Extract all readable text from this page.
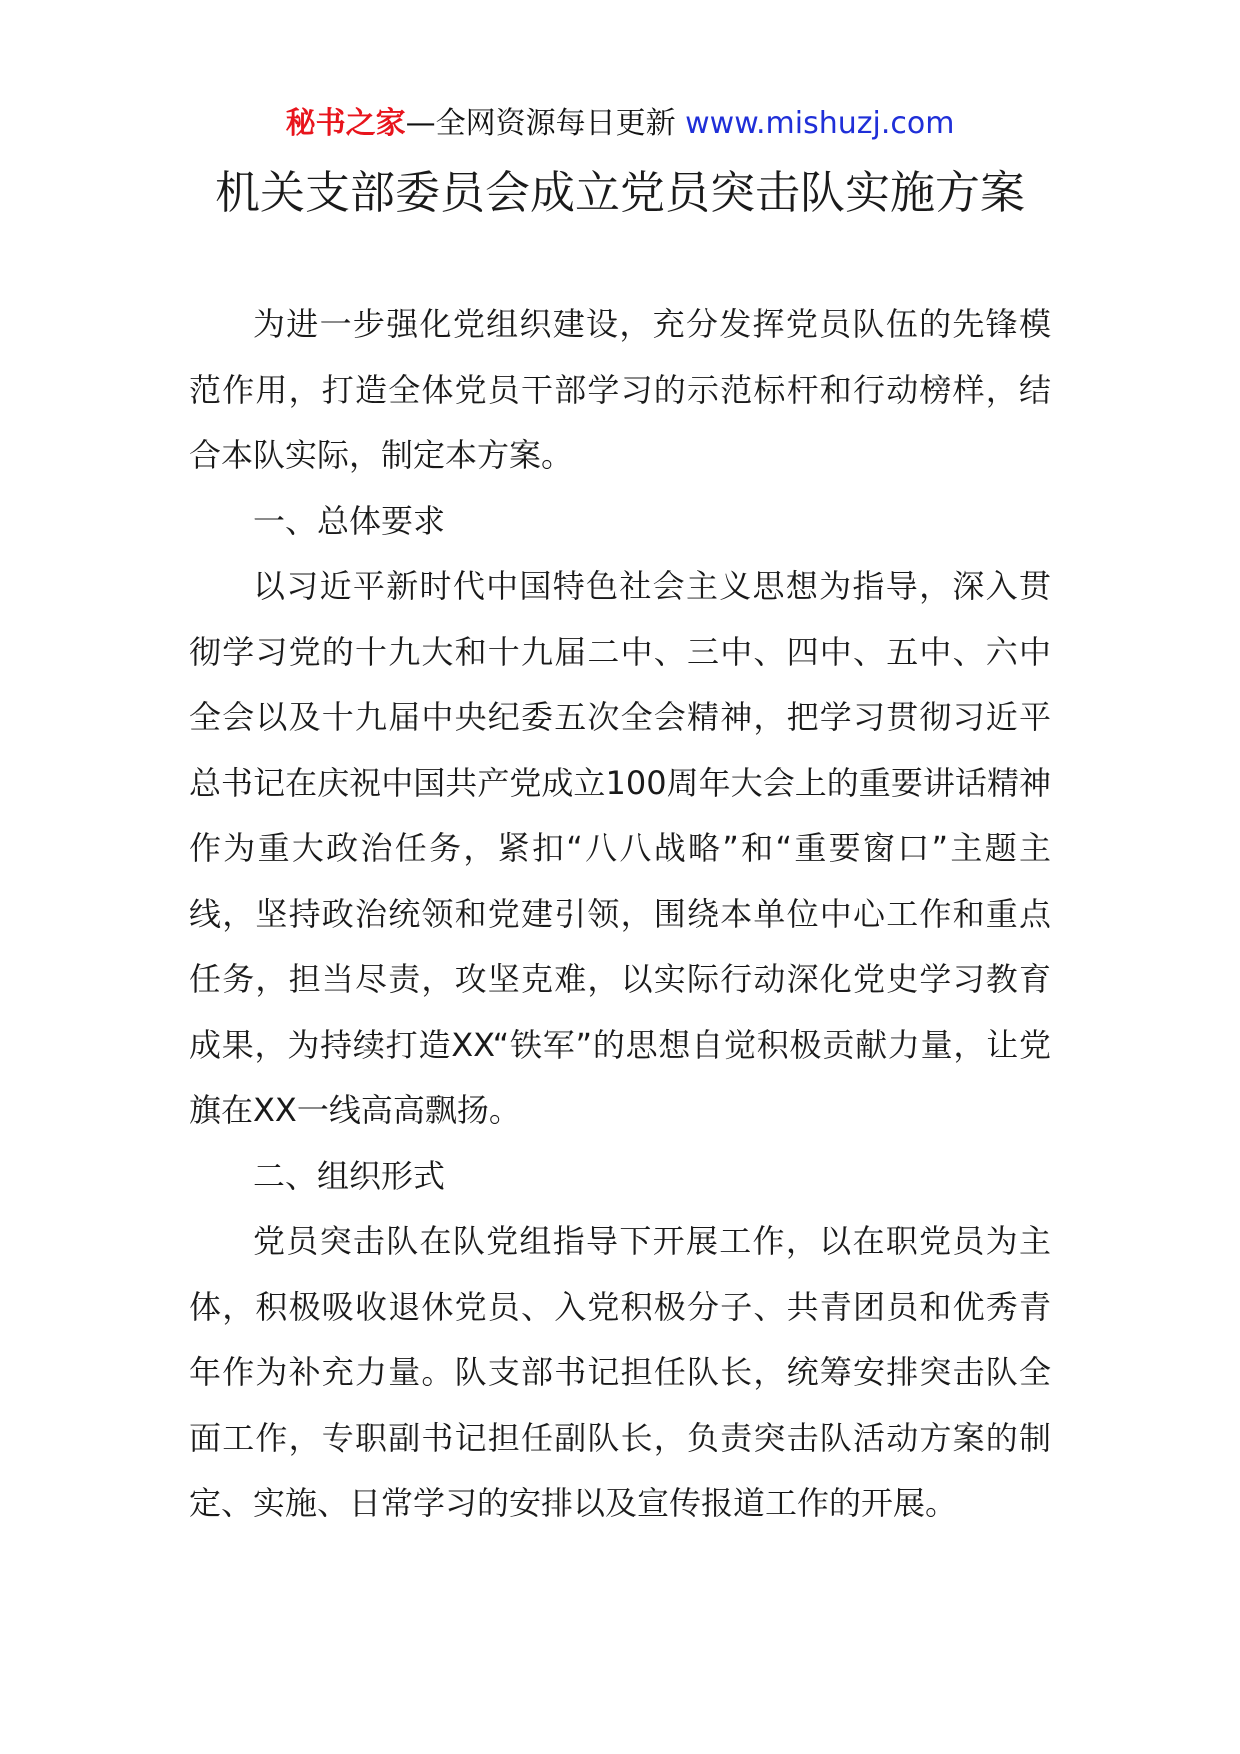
秘书之家—全网资源每日更新 www.mishuzj.com
机关支部委员会成立党员突击队实施方案

为进一步强化党组织建设，充分发挥党员队伍的先锋模范作用，打造全体党员干部学习的示范标杆和行动榜样，结合本队实际，制定本方案。

一、总体要求

以习近平新时代中国特色社会主义思想为指导，深入贯彻学习党的十九大和十九届二中、三中、四中、五中、六中全会以及十九届中央纪委五次全会精神，把学习贯彻习近平总书记在庆祝中国共产党成立100周年大会上的重要讲话精神作为重大政治任务，紧扣“八八战略”和“重要窗口”主题主线，坚持政治统领和党建引领，围绕本单位中心工作和重点任务，担当尽责，攻坚克难，以实际行动深化党史学习教育成果，为持续打造XX“铁军”的思想自觉积极贡献力量，让党旗在XX一线高高飘扬。

二、组织形式

党员突击队在队党组指导下开展工作，以在职党员为主体，积极吸收退休党员、入党积极分子、共青团员和优秀青年作为补充力量。队支部书记担任队长，统筹安排突击队全面工作，专职副书记担任副队长，负责突击队活动方案的制定、实施、日常学习的安排以及宣传报道工作的开展。
